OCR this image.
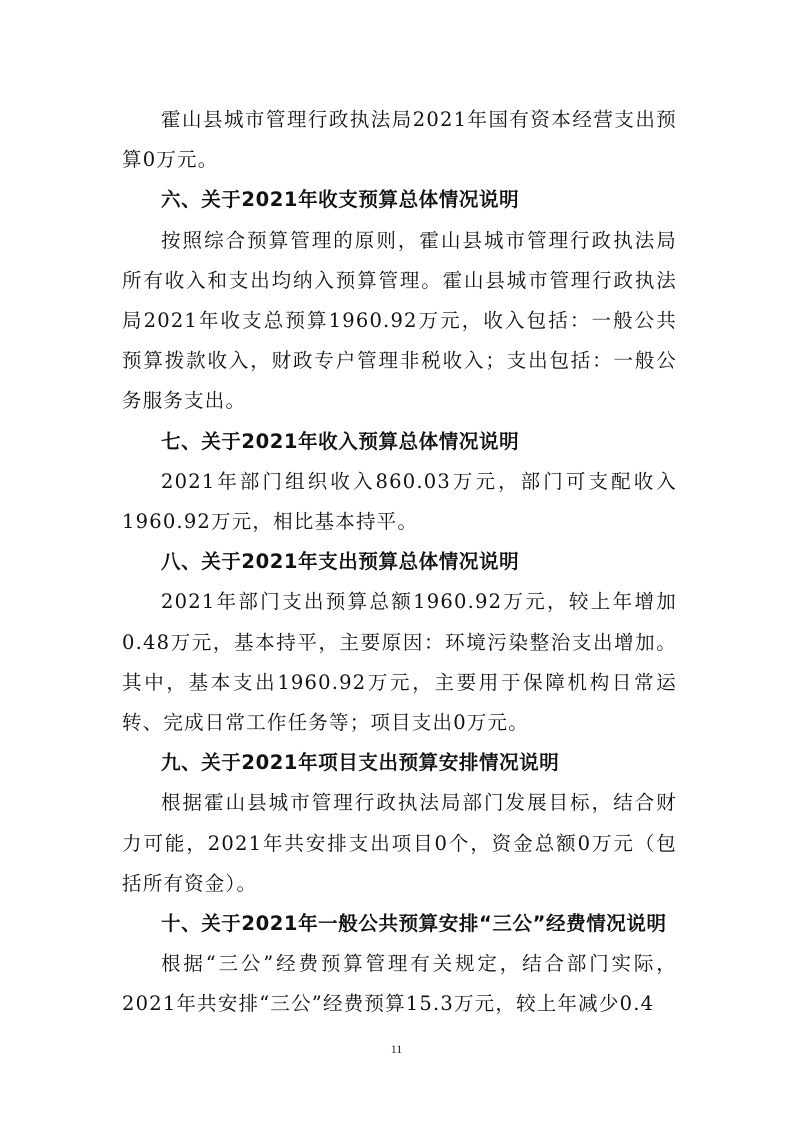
霍山县城市管理行政执法局2021年国有资本经营支出预算0万元。

六、关于2021年收支预算总体情况说明

按照综合预算管理的原则，霍山县城市管理行政执法局所有收入和支出均纳入预算管理。霍山县城市管理行政执法局2021年收支总预算1960.92万元，收入包括：一般公共预算拨款收入，财政专户管理非税收入；支出包括：一般公务服务支出。

七、关于2021年收入预算总体情况说明

2021年部门组织收入860.03万元，部门可支配收入1960.92万元，相比基本持平。

八、关于2021年支出预算总体情况说明

2021年部门支出预算总额1960.92万元，较上年增加0.48万元，基本持平，主要原因：环境污染整治支出增加。其中，基本支出1960.92万元，主要用于保障机构日常运转、完成日常工作任务等；项目支出0万元。

九、关于2021年项目支出预算安排情况说明

根据霍山县城市管理行政执法局部门发展目标，结合财力可能，2021年共安排支出项目0个，资金总额0万元（包括所有资金）。

十、关于2021年一般公共预算安排“三公”经费情况说明

根据“三公”经费预算管理有关规定，结合部门实际，2021年共安排“三公”经费预算15.3万元，较上年减少0.4

11
